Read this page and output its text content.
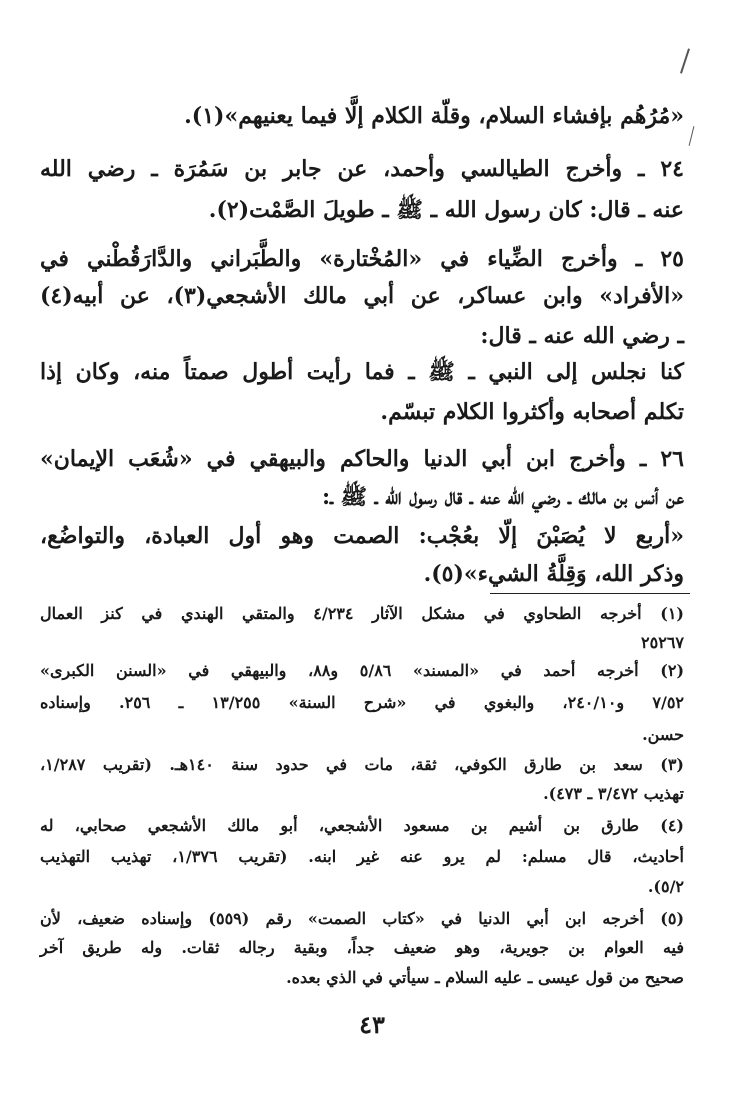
«مُرُهُم بإفشاء السلام، وقلّة الكلام إلَّا فيما يعنيهم»(١).
٢٤ ـ وأخرج الطيالسي وأحمد، عن جابر بن سَمُرَة ـ رضي الله
عنه ـ قال: كان رسول الله ـ ﷺ ـ طويلَ الصَّمْت(٢).
٢٥ ـ وأخرج الضِّياء في «المُخْتارة» والطَّبَراني والدَّارَقُطْني في
«الأفراد» وابن عساكر، عن أبي مالك الأشجعي(٣)، عن أبيه(٤)
ـ رضي الله عنه ـ قال:
كنا نجلس إلى النبي ـ ﷺ ـ فما رأيت أطول صمتاً منه، وكان إذا
تكلم أصحابه وأكثروا الكلام تبسّم.
٢٦ ـ وأخرج ابن أبي الدنيا والحاكم والبيهقي في «شُعَب الإيمان»
عن أنس بن مالك ـ رضي الله عنه ـ قال رسول الله ـ ﷺ ـ:
«أربع لا يُصَبْنَ إلّا بعُجْب: الصمت وهو أول العبادة، والتواضُع،
وذكر الله، وَقِلَّةُ الشيء»(٥).
(١) أخرجه الطحاوي في مشكل الآثار ٤/٢٣٤ والمتقي الهندي في كنز العمال
٢٥٢٦٧
(٢) أخرجه أحمد في «المسند» ٥/٨٦ و٨٨، والبيهقي في «السنن الكبرى»
٧/٥٢ و٢٤٠/١٠، والبغوي في «شرح السنة» ١٣/٢٥٥ ـ ٢٥٦. وإسناده
حسن.
(٣) سعد بن طارق الكوفي، ثقة، مات في حدود سنة ١٤٠هـ. (تقريب ١/٢٨٧،
تهذيب ٣/٤٧٢ ـ ٤٧٣).
(٤) طارق بن أشيم بن مسعود الأشجعي، أبو مالك الأشجعي صحابي، له
أحاديث، قال مسلم: لم يرو عنه غير ابنه. (تقريب ١/٣٧٦، تهذيب التهذيب
٥/٢).
(٥) أخرجه ابن أبي الدنيا في «كتاب الصمت» رقم (٥٥٩) وإسناده ضعيف، لأن
فيه العوام بن جويرية، وهو ضعيف جداً، وبقية رجاله ثقات. وله طريق آخر
صحيح من قول عيسى ـ عليه السلام ـ سيأتي في الذي بعده.
٤٣
